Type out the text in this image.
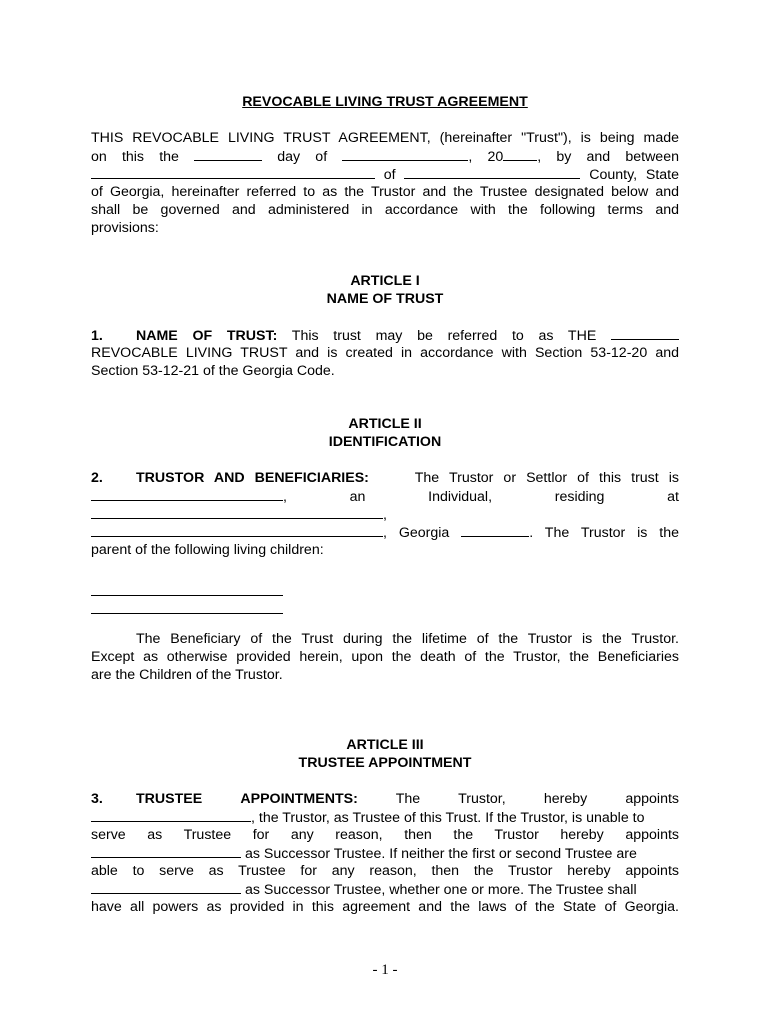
REVOCABLE LIVING TRUST AGREEMENT
THIS REVOCABLE LIVING TRUST AGREEMENT, (hereinafter "Trust"), is being made
on this the	day of	, 20 , by and between
of	County, State
of Georgia, hereinafter referred to as the Trustor and the Trustee designated below and
shall be governed and administered in accordance with the following terms and
provisions:
ARTICLE I
NAME OF TRUST
1. NAME OF TRUST: This trust may be referred to as THE
REVOCABLE LIVING TRUST and is created in accordance with Section 53-12-20 and
Section 53-12-21 of the Georgia Code.
ARTICLE II
IDENTIFICATION
2. TRUSTOR AND BENEFICIARIES:	The Trustor or Settlor of this trust is
,	an	Individual,	residing	at
,
, Georgia	. The Trustor is the
parent of the following living children:
The Beneficiary of the Trust during the lifetime of the Trustor is the Trustor.
Except as otherwise provided herein, upon the death of the Trustor, the Beneficiaries
are the Children of the Trustor.
ARTICLE III
TRUSTEE APPOINTMENT
3. TRUSTEE	APPOINTMENTS:	The	Trustor,	hereby	appoints
, the Trustor, as Trustee of this Trust. If the Trustor, is unable to
serve as Trustee for any reason, then the Trustor hereby appoints
as Successor Trustee. If neither the first or second Trustee are
able to serve as Trustee for any reason, then the Trustor hereby appoints
as Successor Trustee, whether one or more. The Trustee shall
have all powers as provided in this agreement and the laws of the State of Georgia.
- 1 -
